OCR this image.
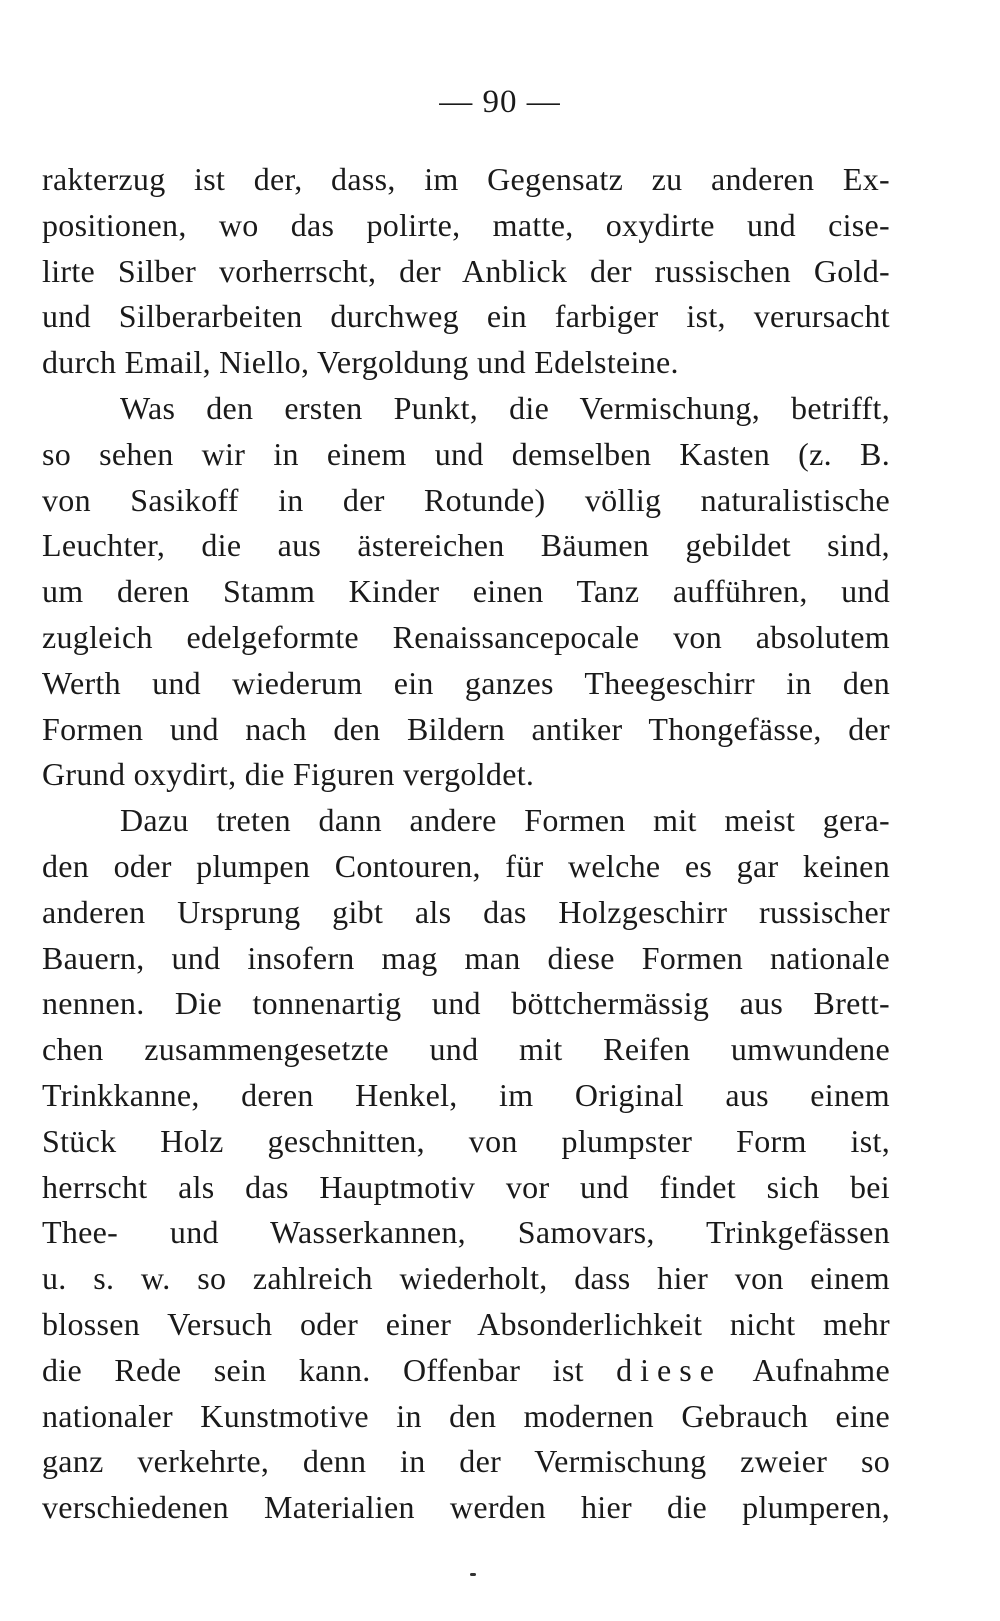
— 90 —
rakterzug ist der, dass, im Gegensatz zu anderen Ex-
positionen, wo das polirte, matte, oxydirte und cise-
lirte Silber vorherrscht, der Anblick der russischen Gold-
und Silberarbeiten durchweg ein farbiger ist, verursacht
durch Email, Niello, Vergoldung und Edelsteine.
Was den ersten Punkt, die Vermischung, betrifft,
so sehen wir in einem und demselben Kasten (z. B.
von Sasikoff in der Rotunde) völlig naturalistische
Leuchter, die aus ästereichen Bäumen gebildet sind,
um deren Stamm Kinder einen Tanz aufführen, und
zugleich edelgeformte Renaissancepocale von absolutem
Werth und wiederum ein ganzes Theegeschirr in den
Formen und nach den Bildern antiker Thongefässe, der
Grund oxydirt, die Figuren vergoldet.
Dazu treten dann andere Formen mit meist gera-
den oder plumpen Contouren, für welche es gar keinen
anderen Ursprung gibt als das Holzgeschirr russischer
Bauern, und insofern mag man diese Formen nationale
nennen. Die tonnenartig und böttchermässig aus Brett-
chen zusammengesetzte und mit Reifen umwundene
Trinkkanne, deren Henkel, im Original aus einem
Stück Holz geschnitten, von plumpster Form ist,
herrscht als das Hauptmotiv vor und findet sich bei
Thee- und Wasserkannen, Samovars, Trinkgefässen
u. s. w. so zahlreich wiederholt, dass hier von einem
blossen Versuch oder einer Absonderlichkeit nicht mehr
die Rede sein kann. Offenbar ist diese Aufnahme
nationaler Kunstmotive in den modernen Gebrauch eine
ganz verkehrte, denn in der Vermischung zweier so
verschiedenen Materialien werden hier die plumperen,
